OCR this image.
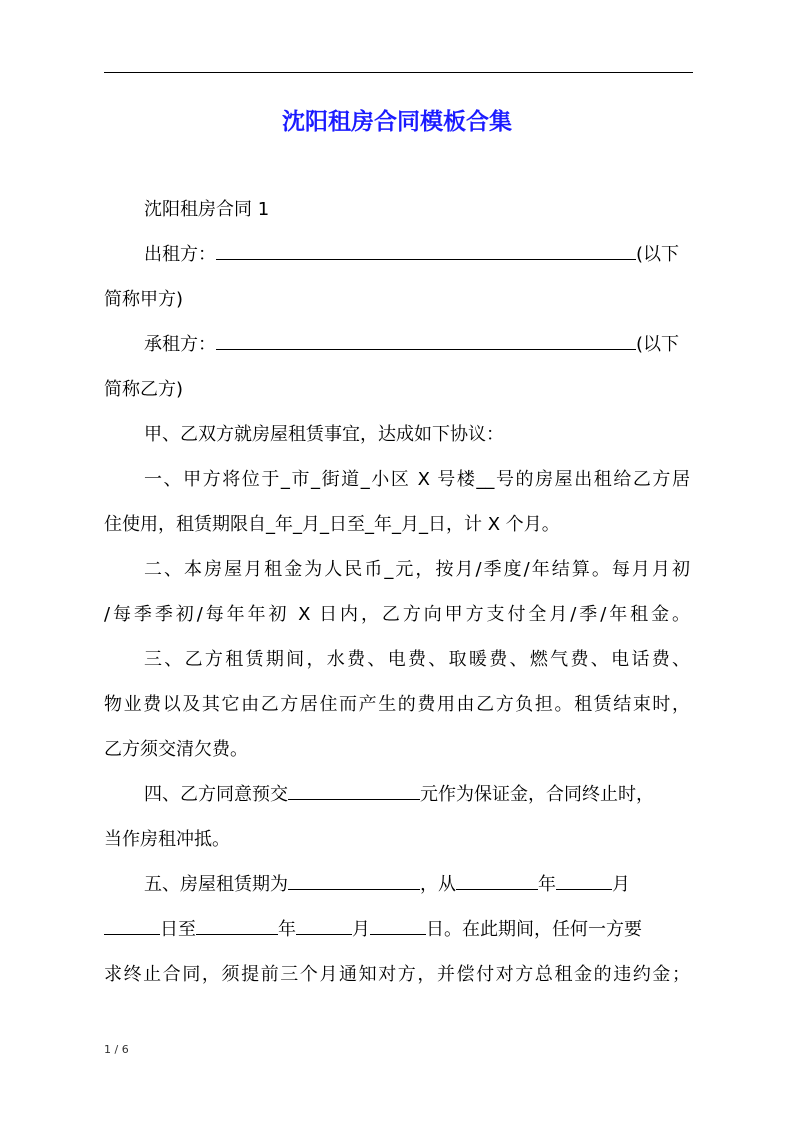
沈阳租房合同模板合集
沈阳租房合同 1
出租方：	(以下
简称甲方)
承租方：	(以下
简称乙方)
甲、乙双方就房屋租赁事宜，达成如下协议：
一、甲方将位于_市_街道_小区 X 号楼__号的房屋出租给乙方居
住使用，租赁期限自_年_月_日至_年_月_日，计 X 个月。
二、本房屋月租金为人民币_元，按月/季度/年结算。每月月初
/每季季初/每年年初 X 日内，乙方向甲方支付全月/季/年租金。
三、乙方租赁期间，水费、电费、取暖费、燃气费、电话费、
物业费以及其它由乙方居住而产生的费用由乙方负担。租赁结束时，
乙方须交清欠费。
四、乙方同意预交	元作为保证金，合同终止时，
当作房租冲抵。
五、房屋租赁期为	，从	年	月
日至	年	月	日。在此期间，任何一方要
求终止合同，须提前三个月通知对方，并偿付对方总租金的违约金；
1 / 6
